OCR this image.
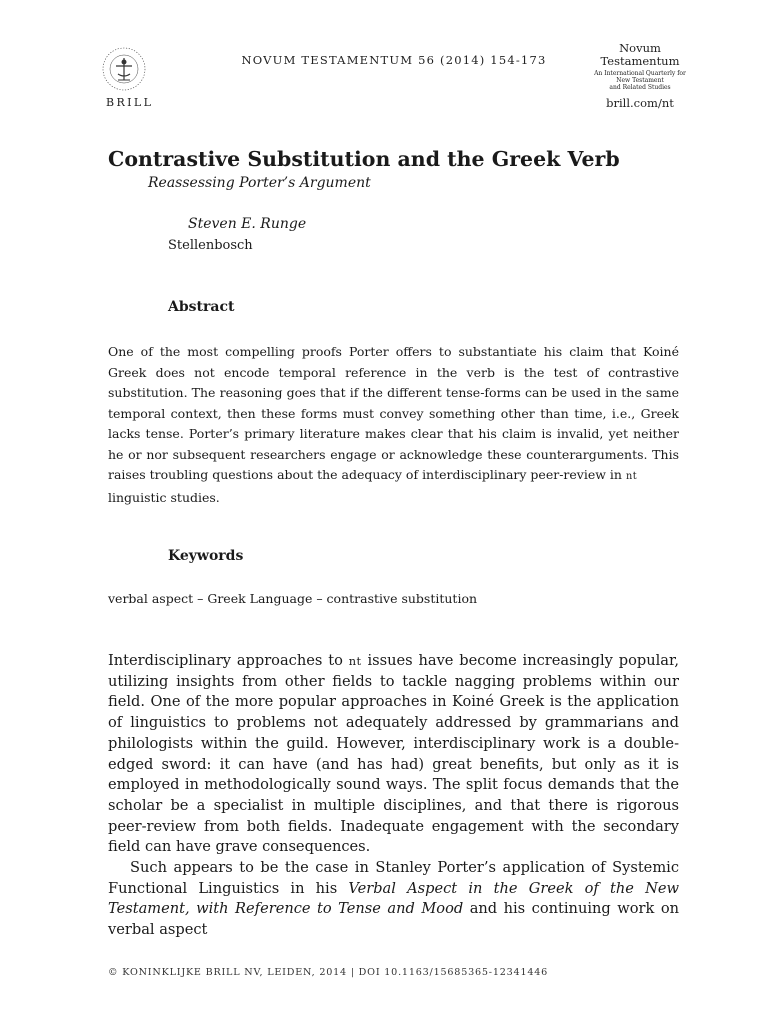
BRILL
NOVUM TESTAMENTUM 56 (2014) 154-173
Novum
Testamentum
An International Quarterly for
New Testament
and Related Studies
brill.com/nt
Contrastive Substitution and the Greek Verb
Reassessing Porter’s Argument
Steven E. Runge
Stellenbosch
Abstract

One of the most compelling proofs Porter offers to substantiate his claim that Koiné Greek does not encode temporal reference in the verb is the test of contrastive substitution. The reasoning goes that if the different tense-forms can be used in the same temporal context, then these forms must convey something other than time, i.e., Greek lacks tense. Porter’s primary literature makes clear that his claim is invalid, yet neither he or nor subsequent researchers engage or acknowledge these counterarguments. This raises troubling questions about the adequacy of interdisciplinary peer-review in nt
linguistic studies.

Keywords
verbal aspect – Greek Language – contrastive substitution

Interdisciplinary approaches to nt issues have become increasingly popular, utilizing insights from other fields to tackle nagging problems within our field. One of the more popular approaches in Koiné Greek is the application of linguistics to problems not adequately addressed by grammarians and philologists within the guild. However, interdisciplinary work is a double-edged sword: it can have (and has had) great benefits, but only as it is employed in methodologically sound ways. The split focus demands that the scholar be a specialist in multiple disciplines, and that there is rigorous peer-review from both fields. Inadequate engagement with the secondary field can have grave consequences.

Such appears to be the case in Stanley Porter’s application of Systemic Functional Linguistics in his Verbal Aspect in the Greek of the New Testament, with Reference to Tense and Mood and his continuing work on verbal aspect

© KONINKLIJKE BRILL NV, LEIDEN, 2014 | DOI 10.1163/15685365-12341446
